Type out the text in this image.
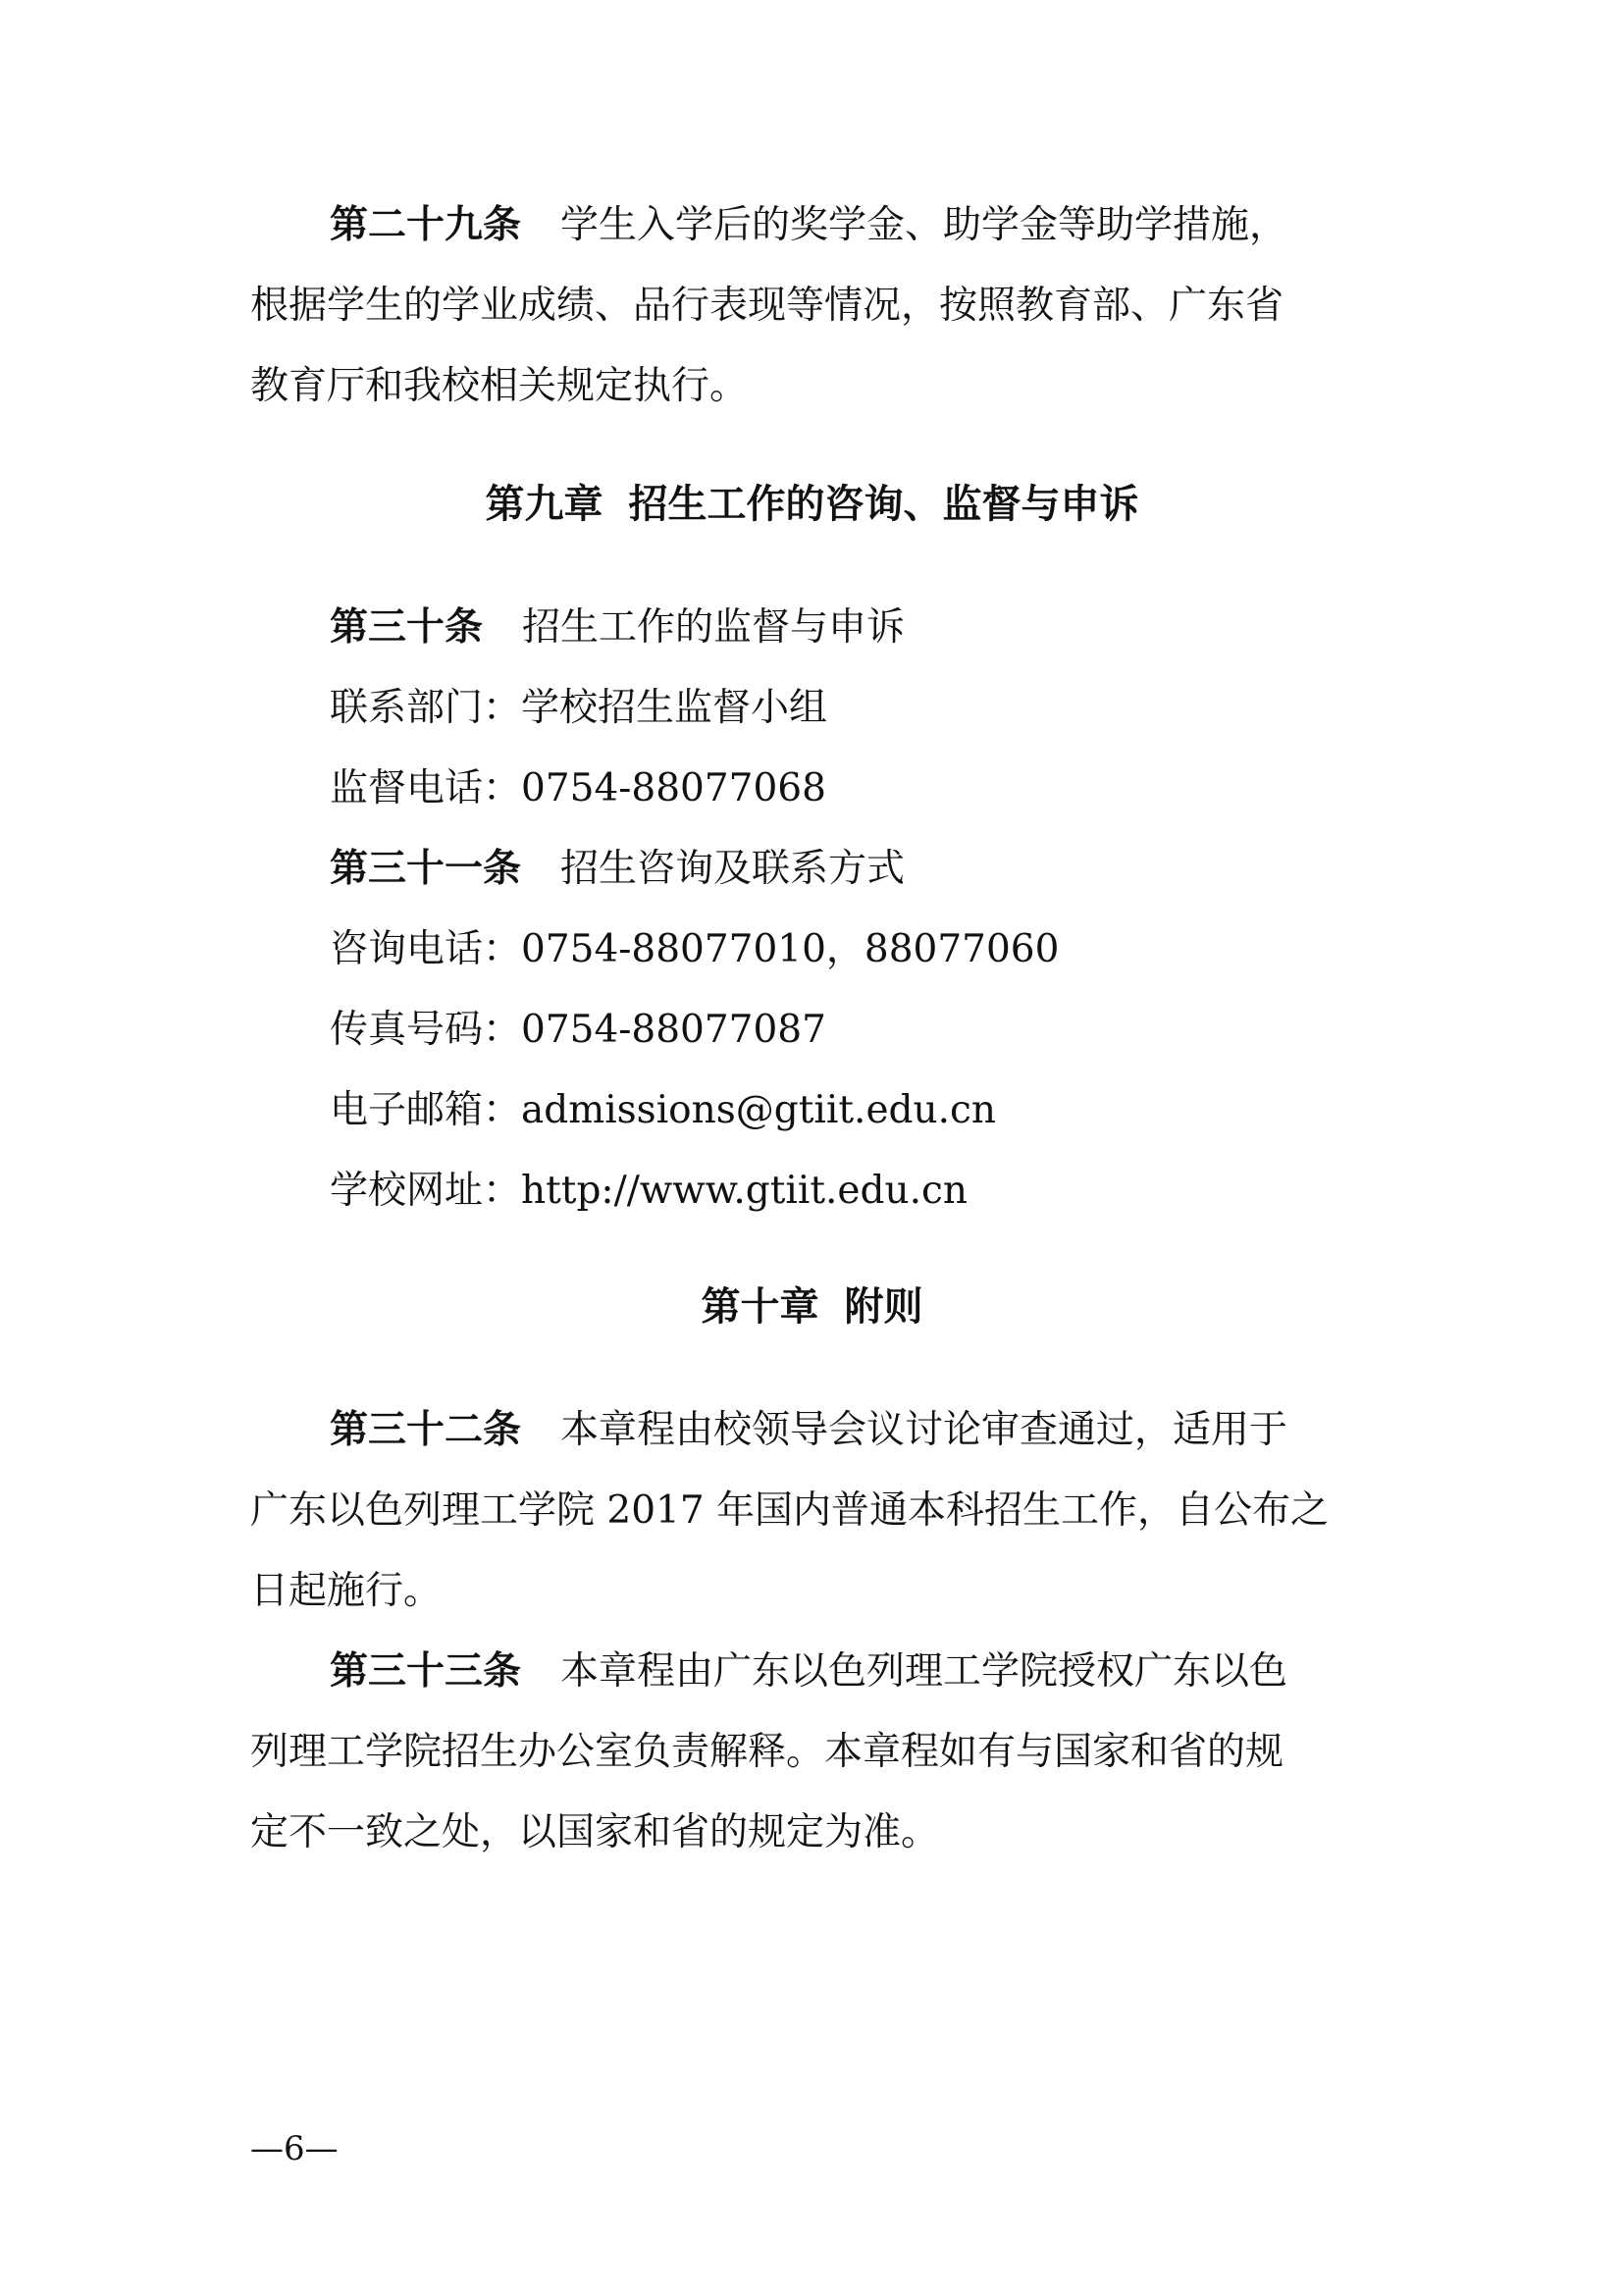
第二十九条 学生入学后的奖学金、助学金等助学措施，
根据学生的学业成绩、品行表现等情况，按照教育部、广东省
教育厅和我校相关规定执行。
第九章 招生工作的咨询、监督与申诉
第三十条 招生工作的监督与申诉
联系部门：学校招生监督小组
监督电话：0754-88077068
第三十一条 招生咨询及联系方式
咨询电话：0754-88077010，88077060
传真号码：0754-88077087
电子邮箱：admissions@gtiit.edu.cn
学校网址：http://www.gtiit.edu.cn
第十章 附则
第三十二条 本章程由校领导会议讨论审查通过，适用于
广东以色列理工学院 2017 年国内普通本科招生工作，自公布之
日起施行。
第三十三条 本章程由广东以色列理工学院授权广东以色
列理工学院招生办公室负责解释。本章程如有与国家和省的规
定不一致之处，以国家和省的规定为准。
—6—
